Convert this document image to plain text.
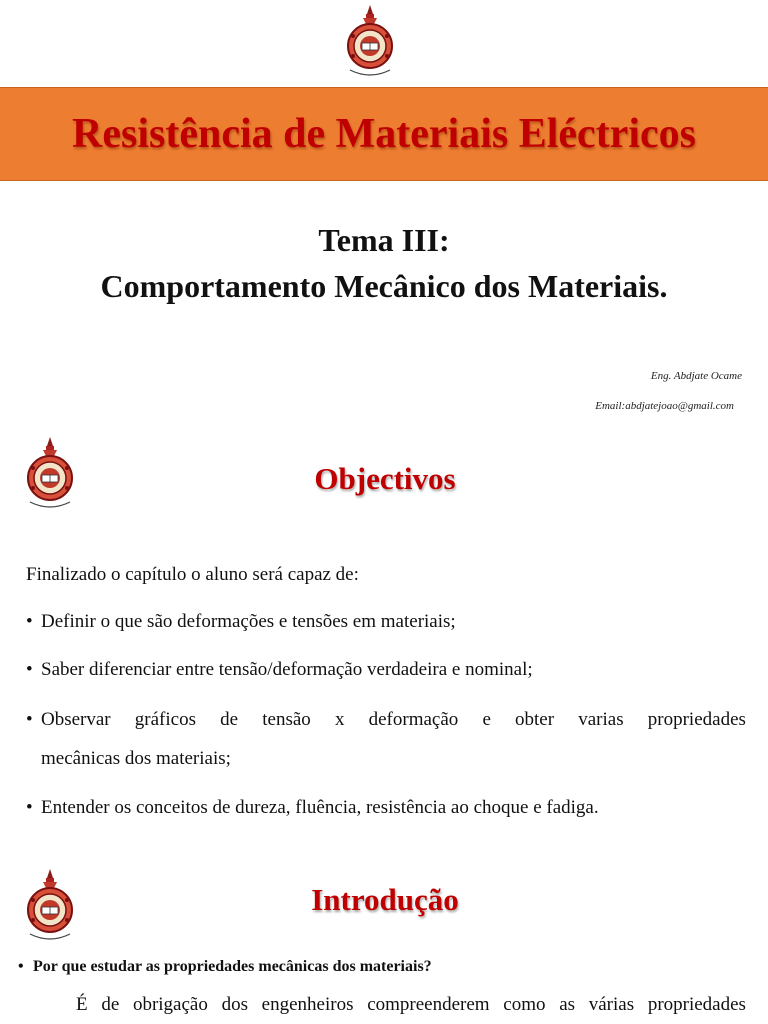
Resistência de Materiais Eléctricos
Tema III:
Comportamento Mecânico dos Materiais.
Eng. Abdjate Ocame
Email:abdjatejoao@gmail.com
Objectivos
Finalizado o capítulo o aluno será capaz de:
• Definir o que são deformações e tensões em materiais;
• Saber diferenciar entre tensão/deformação verdadeira e nominal;
• Observar gráficos de tensão x deformação e obter varias propriedades
mecânicas dos materiais;
• Entender os conceitos de dureza, fluência, resistência ao choque e fadiga.
Introdução
• Por que estudar as propriedades mecânicas dos materiais?
É de obrigação dos engenheiros compreenderem como as várias propriedades
